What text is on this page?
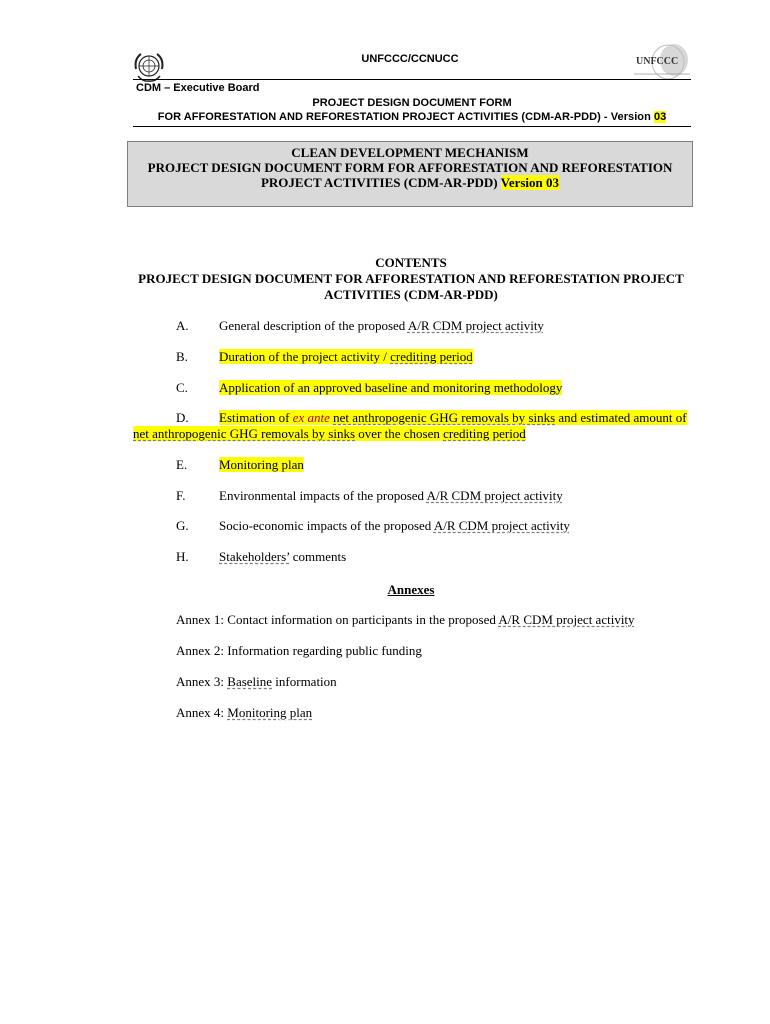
UNFCCC
UNFCCC/CCNUCC
CDM – Executive Board
PROJECT DESIGN DOCUMENT FORM
FOR AFFORESTATION AND REFORESTATION PROJECT ACTIVITIES (CDM-AR-PDD) - Version 03
CLEAN DEVELOPMENT MECHANISM
PROJECT DESIGN DOCUMENT FORM FOR AFFORESTATION AND REFORESTATION
PROJECT ACTIVITIES (CDM-AR-PDD) Version 03
CONTENTS
PROJECT DESIGN DOCUMENT FOR AFFORESTATION AND REFORESTATION PROJECT
ACTIVITIES (CDM-AR-PDD)
A. General description of the proposed A/R CDM project activity
B. Duration of the project activity / crediting period
C. Application of an approved baseline and monitoring methodology
D. Estimation of ex ante net anthropogenic GHG removals by sinks and estimated amount of
net anthropogenic GHG removals by sinks over the chosen crediting period
E. Monitoring plan
F.	Environmental impacts of the proposed A/R CDM project activity
G. Socio-economic impacts of the proposed A/R CDM project activity
H. Stakeholders’ comments
Annexes
Annex 1: Contact information on participants in the proposed A/R CDM project activity
Annex 2: Information regarding public funding
Annex 3: Baseline information
Annex 4: Monitoring plan
